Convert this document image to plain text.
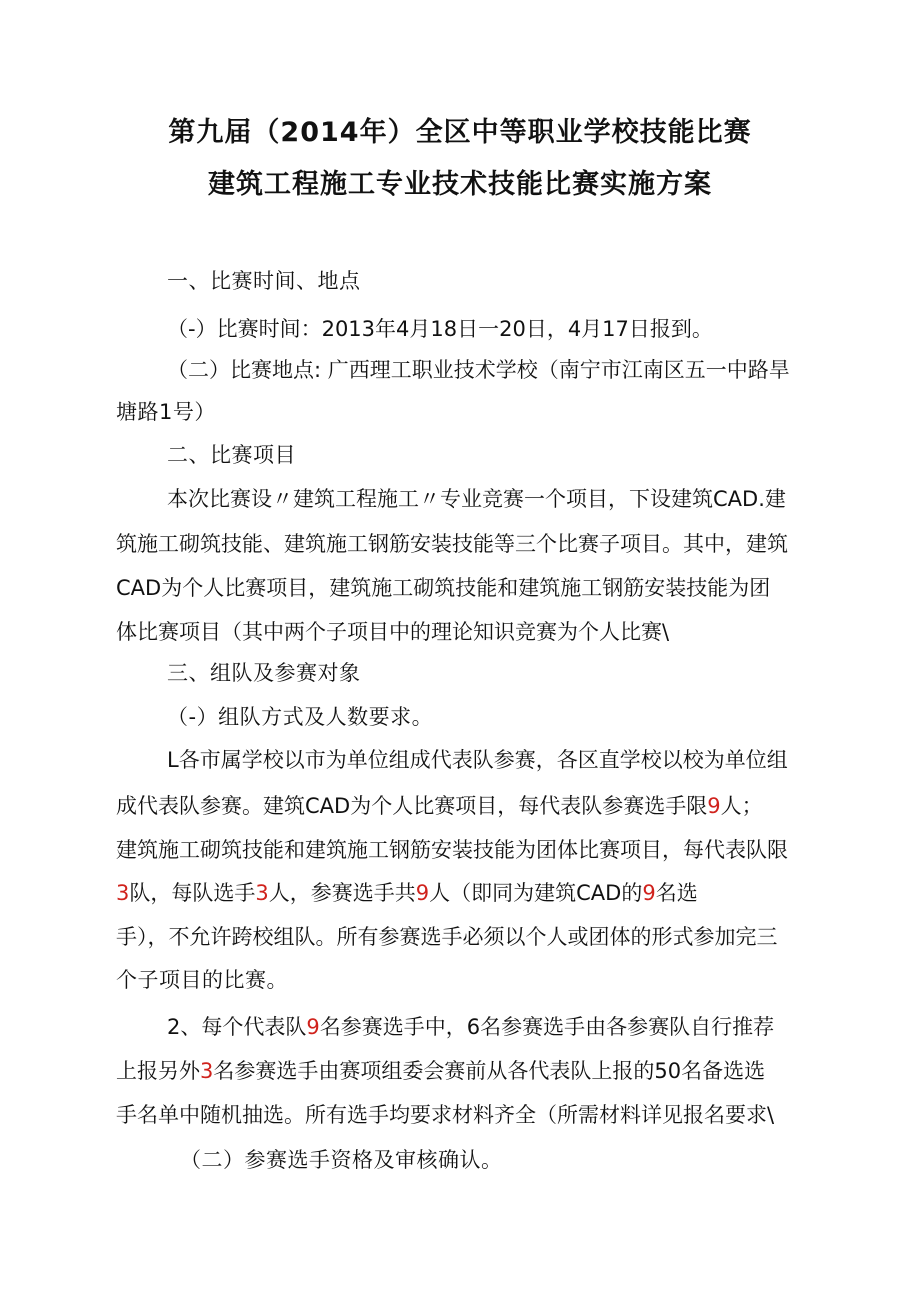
第九届（2014年）全区中等职业学校技能比赛
建筑工程施工专业技术技能比赛实施方案
一、比赛时间、地点
（-）比赛时间：2013年4月18日一20日，4月17日报到。
（二）比赛地点: 广西理工职业技术学校（南宁市江南区五一中路旱
塘路1号）
二、比赛项目
本次比赛设〃建筑工程施工〃专业竞赛一个项目，下设建筑CAD.建
筑施工砌筑技能、建筑施工钢筋安装技能等三个比赛子项目。其中，建筑
CAD为个人比赛项目，建筑施工砌筑技能和建筑施工钢筋安装技能为团
体比赛项目（其中两个子项目中的理论知识竞赛为个人比赛\
三、组队及参赛对象
（-）组队方式及人数要求。
L各市属学校以市为单位组成代表队参赛，各区直学校以校为单位组
成代表队参赛。建筑CAD为个人比赛项目，每代表队参赛选手限9人；
建筑施工砌筑技能和建筑施工钢筋安装技能为团体比赛项目，每代表队限
3队，每队选手3人，参赛选手共9人（即同为建筑CAD的9名选
手），不允许跨校组队。所有参赛选手必须以个人或团体的形式参加完三
个子项目的比赛。
2、每个代表队9名参赛选手中，6名参赛选手由各参赛队自行推荐
上报另外3名参赛选手由赛项组委会赛前从各代表队上报的50名备选选
手名单中随机抽选。所有选手均要求材料齐全（所需材料详见报名要求\
（二）参赛选手资格及审核确认。
